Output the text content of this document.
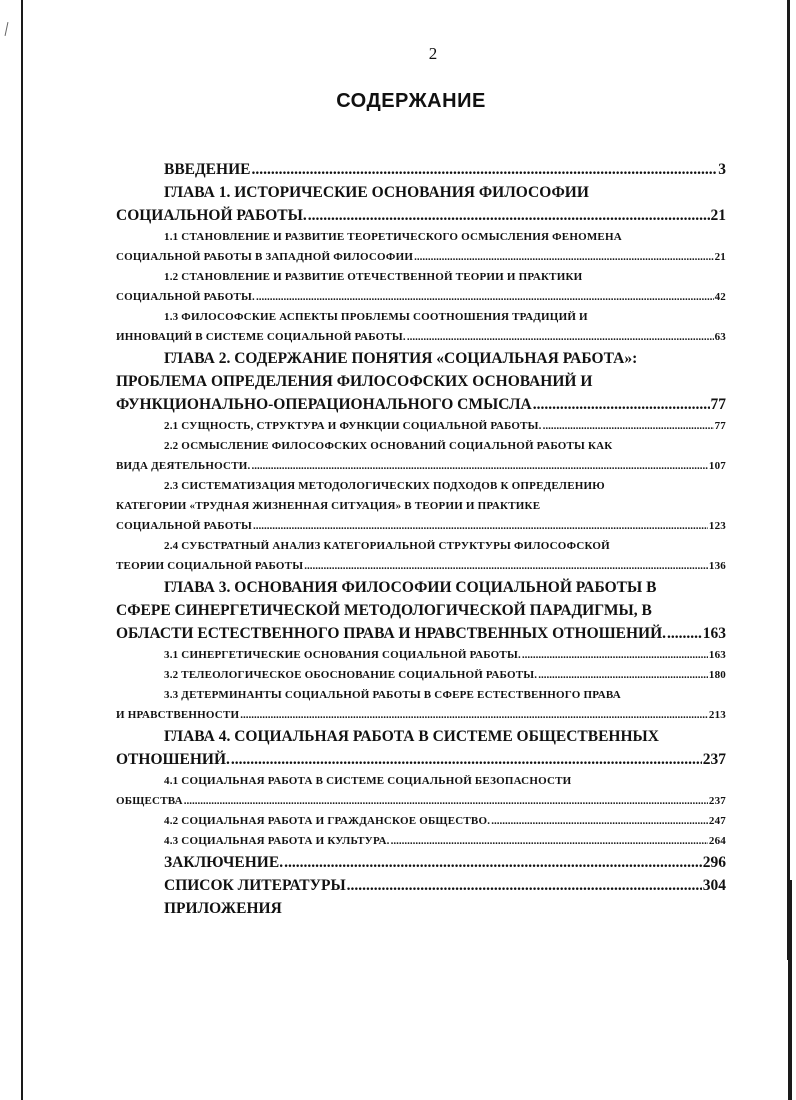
2
СОДЕРЖАНИЕ
ВВЕДЕНИЕ .....	3
ГЛАВА 1. ИСТОРИЧЕСКИЕ ОСНОВАНИЯ ФИЛОСОФИИ
СОЦИАЛЬНОЙ РАБОТЫ. .....	21
1.1 СТАНОВЛЕНИЕ И РАЗВИТИЕ ТЕОРЕТИЧЕСКОГО ОСМЫСЛЕНИЯ ФЕНОМЕНА
СОЦИАЛЬНОЙ РАБОТЫ В ЗАПАДНОЙ ФИЛОСОФИИ .....	21
1.2 СТАНОВЛЕНИЕ И РАЗВИТИЕ ОТЕЧЕСТВЕННОЙ ТЕОРИИ И ПРАКТИКИ
СОЦИАЛЬНОЙ РАБОТЫ. .....	42
1.3 ФИЛОСОФСКИЕ АСПЕКТЫ ПРОБЛЕМЫ СООТНОШЕНИЯ ТРАДИЦИЙ И
ИННОВАЦИЙ В СИСТЕМЕ СОЦИАЛЬНОЙ РАБОТЫ. .....	63
ГЛАВА 2. СОДЕРЖАНИЕ ПОНЯТИЯ «СОЦИАЛЬНАЯ РАБОТА»:
ПРОБЛЕМА ОПРЕДЕЛЕНИЯ ФИЛОСОФСКИХ ОСНОВАНИЙ И
ФУНКЦИОНАЛЬНО-ОПЕРАЦИОНАЛЬНОГО СМЫСЛА .....	77
2.1 СУЩНОСТЬ, СТРУКТУРА И ФУНКЦИИ СОЦИАЛЬНОЙ РАБОТЫ. .....	77
2.2 ОСМЫСЛЕНИЕ ФИЛОСОФСКИХ ОСНОВАНИЙ СОЦИАЛЬНОЙ РАБОТЫ КАК
ВИДА ДЕЯТЕЛЬНОСТИ. .....	107
2.3 СИСТЕМАТИЗАЦИЯ МЕТОДОЛОГИЧЕСКИХ ПОДХОДОВ К ОПРЕДЕЛЕНИЮ
КАТЕГОРИИ «ТРУДНАЯ ЖИЗНЕННАЯ СИТУАЦИЯ» В ТЕОРИИ И ПРАКТИКЕ
СОЦИАЛЬНОЙ РАБОТЫ .....	123
2.4 СУБСТРАТНЫЙ АНАЛИЗ КАТЕГОРИАЛЬНОЙ СТРУКТУРЫ ФИЛОСОФСКОЙ
ТЕОРИИ СОЦИАЛЬНОЙ РАБОТЫ .....	136
ГЛАВА 3. ОСНОВАНИЯ ФИЛОСОФИИ СОЦИАЛЬНОЙ РАБОТЫ В
СФЕРЕ СИНЕРГЕТИЧЕСКОЙ МЕТОДОЛОГИЧЕСКОЙ ПАРАДИГМЫ, В
ОБЛАСТИ ЕСТЕСТВЕННОГО ПРАВА И НРАВСТВЕННЫХ ОТНОШЕНИЙ. ..... 163
3.1 СИНЕРГЕТИЧЕСКИЕ ОСНОВАНИЯ СОЦИАЛЬНОЙ РАБОТЫ. .....	163
3.2 ТЕЛЕОЛОГИЧЕСКОЕ ОБОСНОВАНИЕ СОЦИАЛЬНОЙ РАБОТЫ. .....	180
3.3 ДЕТЕРМИНАНТЫ СОЦИАЛЬНОЙ РАБОТЫ В СФЕРЕ ЕСТЕСТВЕННОГО ПРАВА
И НРАВСТВЕННОСТИ .....	213
ГЛАВА 4. СОЦИАЛЬНАЯ РАБОТА В СИСТЕМЕ ОБЩЕСТВЕННЫХ
ОТНОШЕНИЙ. .....	237
4.1 СОЦИАЛЬНАЯ РАБОТА В СИСТЕМЕ СОЦИАЛЬНОЙ БЕЗОПАСНОСТИ
ОБЩЕСТВА .....	237
4.2 СОЦИАЛЬНАЯ РАБОТА И ГРАЖДАНСКОЕ ОБЩЕСТВО. .....	247
4.3 СОЦИАЛЬНАЯ РАБОТА И КУЛЬТУРА. .....	264
ЗАКЛЮЧЕНИЕ. .....	296
СПИСОК ЛИТЕРАТУРЫ .....	304
ПРИЛОЖЕНИЯ
